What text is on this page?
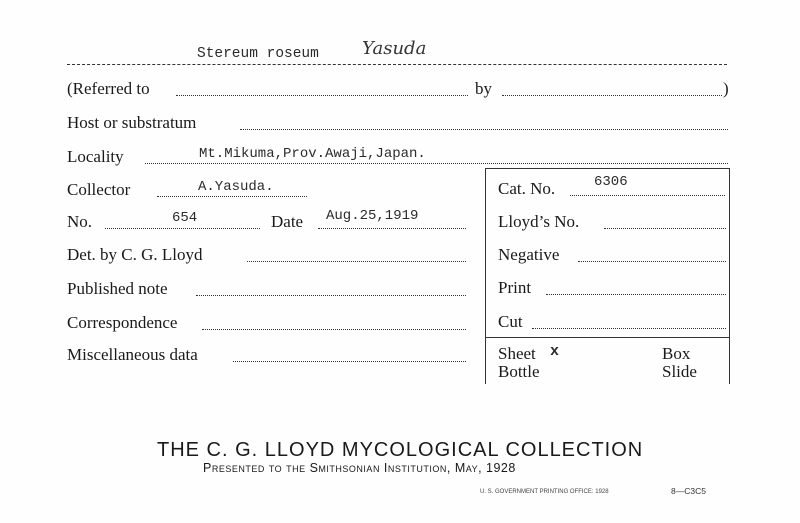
Stereum roseum Yasuda
(Referred to	by	)
Host or substratum
Locality	Mt.Mikuma,Prov.Awaji,Japan.
Collector	A.Yasuda.	Cat. No.	6306
No.	654	Date Aug.25,1919	Lloyd’s No.
Det. by C. G. Lloyd	Negative
Published note	Print
Correspondence	Cut
Miscellaneous data	Sheet x	Box
Bottle	Slide
THE C. G. LLOYD MYCOLOGICAL COLLECTION
Presented to the Smithsonian Institution, May, 1928
U. S. GOVERNMENT PRINTING OFFICE: 1928	8—C3C5
